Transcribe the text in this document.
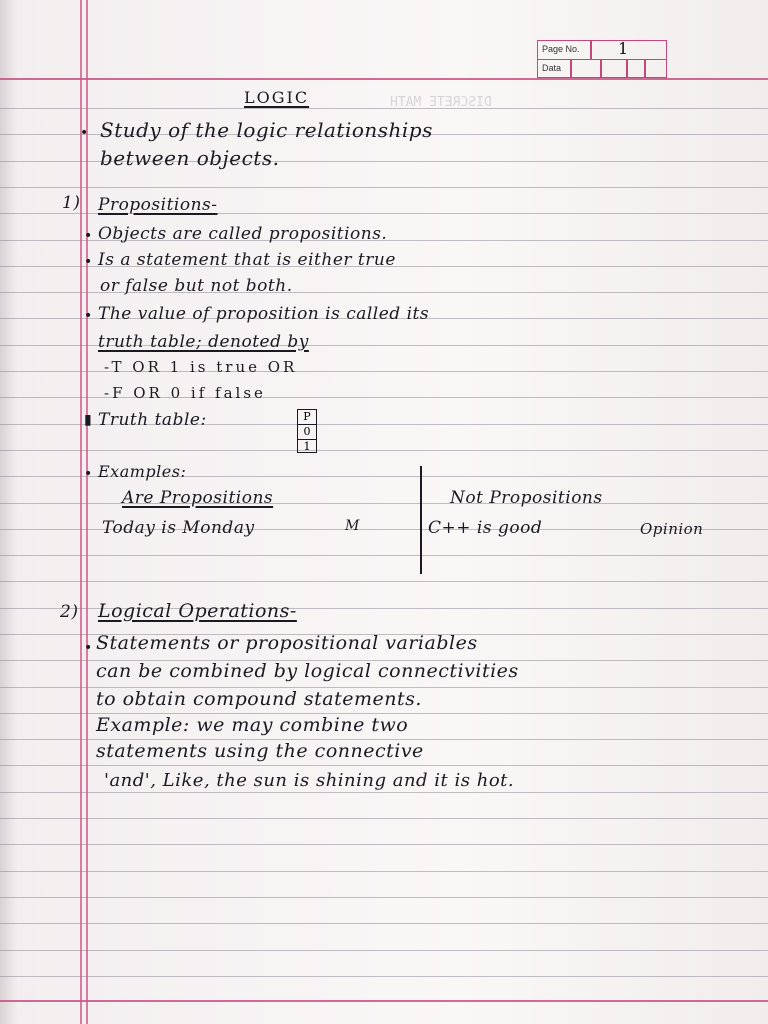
DISCRETE MATH
Page No. 1
Data
LOGIC
• Study of the logic relationships
between objects.
1) Propositions-
• Objects are called propositions.
• Is a statement that is either true
or false but not both.
• The value of proposition is called its
truth table; denoted by
-T OR 1 is true OR
-F OR 0 if false
▮ Truth table:	P
0
1
• Examples:
Are Propositions	Not Propositions
Today is Monday	M	C++ is good	Opinion
2) Logical Operations-
• Statements or propositional variables
can be combined by logical connectivities
to obtain compound statements.
Example: we may combine two
statements using the connective
'and', Like, the sun is shining and it is hot.
